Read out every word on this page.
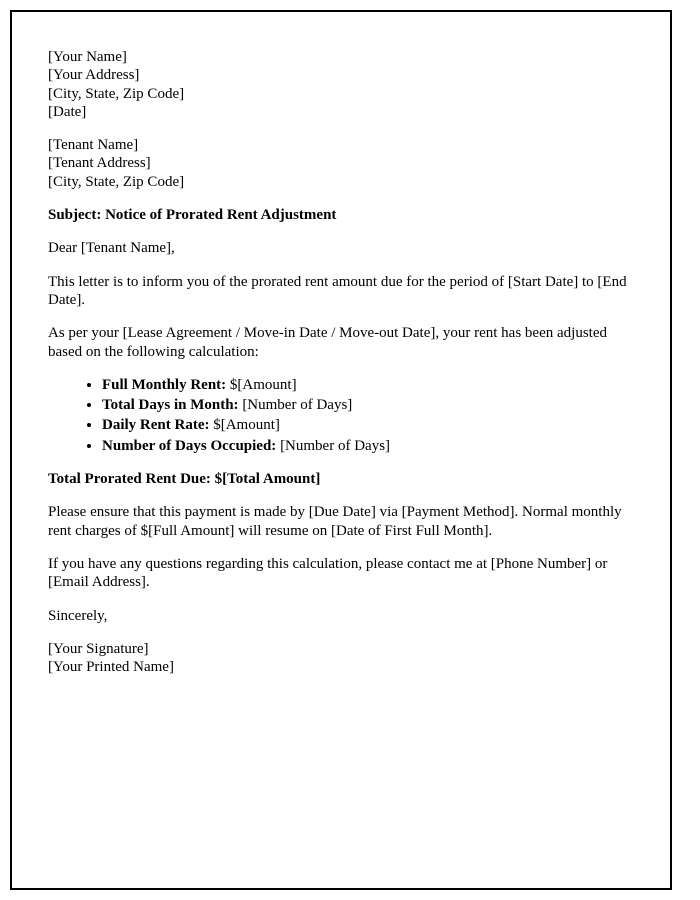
[Your Name]
[Your Address]
[City, State, Zip Code]
[Date]
[Tenant Name]
[Tenant Address]
[City, State, Zip Code]

Subject: Notice of Prorated Rent Adjustment

Dear [Tenant Name],

This letter is to inform you of the prorated rent amount due for the period of [Start Date] to [End Date].

As per your [Lease Agreement / Move-in Date / Move-out Date], your rent has been adjusted based on the following calculation:

• Full Monthly Rent: $[Amount]
• Total Days in Month: [Number of Days]
• Daily Rent Rate: $[Amount]
• Number of Days Occupied: [Number of Days]

Total Prorated Rent Due: $[Total Amount]

Please ensure that this payment is made by [Due Date] via [Payment Method]. Normal monthly rent charges of $[Full Amount] will resume on [Date of First Full Month].

If you have any questions regarding this calculation, please contact me at [Phone Number] or [Email Address].

Sincerely,

[Your Signature]
[Your Printed Name]
